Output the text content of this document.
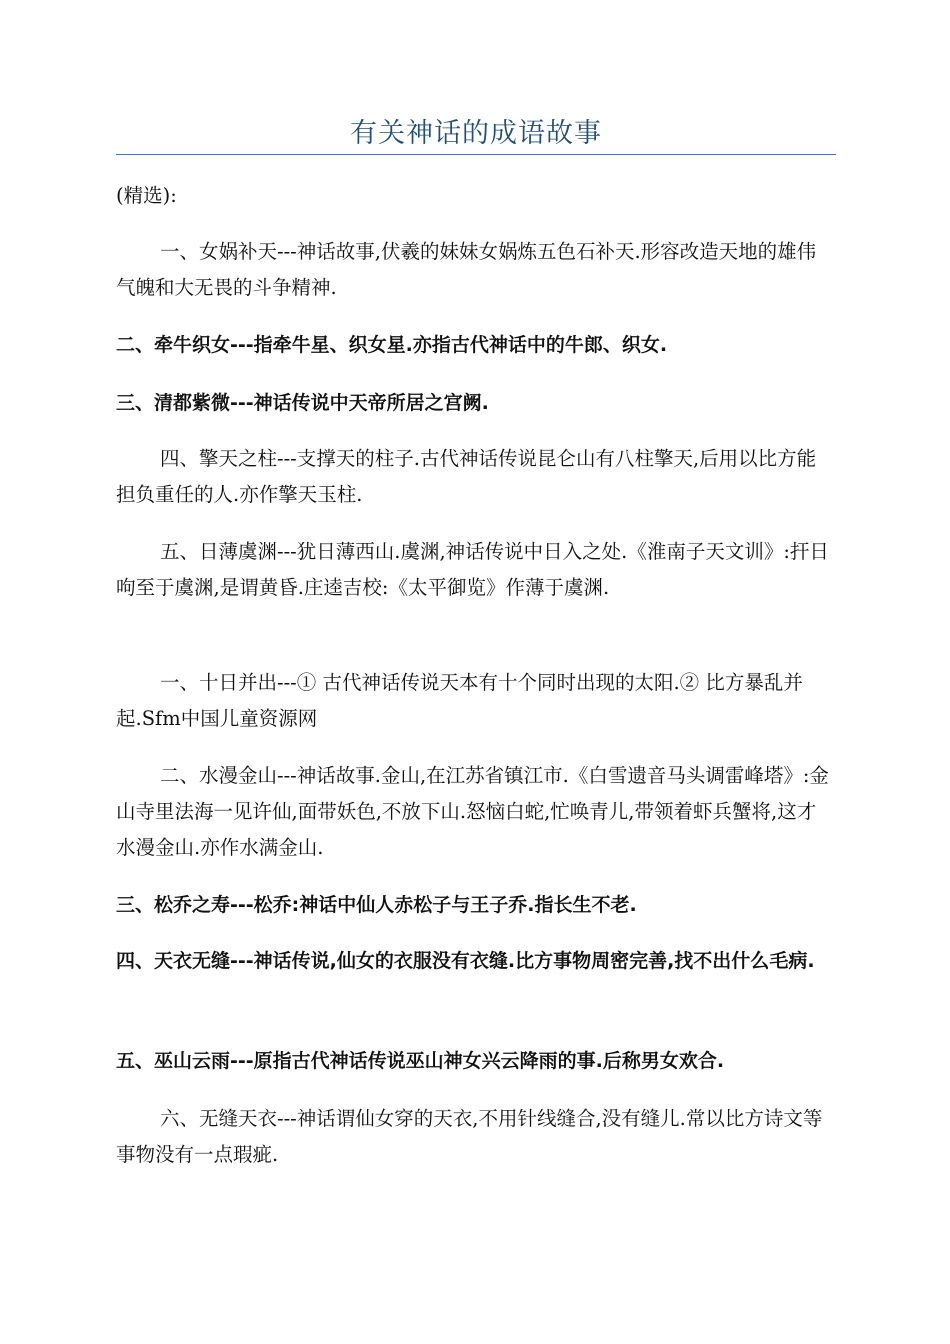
有关神话的成语故事

(精选):

一、女娲补天---神话故事,伏羲的妹妹女娲炼五色石补天.形容改造天地的雄伟气魄和大无畏的斗争精神.

二、牵牛织女---指牵牛星、织女星.亦指古代神话中的牛郎、织女.

三、清都紫微---神话传说中天帝所居之宫阙.

四、擎天之柱---支撑天的柱子.古代神话传说昆仑山有八柱擎天,后用以比方能担负重任的人.亦作擎天玉柱.

五、日薄虞渊---犹日薄西山.虞渊,神话传说中日入之处.《淮南子天文训》:扞日呴至于虞渊,是谓黄昏.庄逵吉校:《太平御览》作薄于虞渊.

一、十日并出---① 古代神话传说天本有十个同时出现的太阳.② 比方暴乱并起.Sfm中国儿童资源网

二、水漫金山---神话故事.金山,在江苏省镇江市.《白雪遗音马头调雷峰塔》:金山寺里法海一见许仙,面带妖色,不放下山.怒恼白蛇,忙唤青儿,带领着虾兵蟹将,这才水漫金山.亦作水满金山.

三、松乔之寿---松乔:神话中仙人赤松子与王子乔.指长生不老.

四、天衣无缝---神话传说,仙女的衣服没有衣缝.比方事物周密完善,找不出什么毛病.

五、巫山云雨---原指古代神话传说巫山神女兴云降雨的事.后称男女欢合.

六、无缝天衣---神话谓仙女穿的天衣,不用针线缝合,没有缝儿.常以比方诗文等事物没有一点瑕疵.
